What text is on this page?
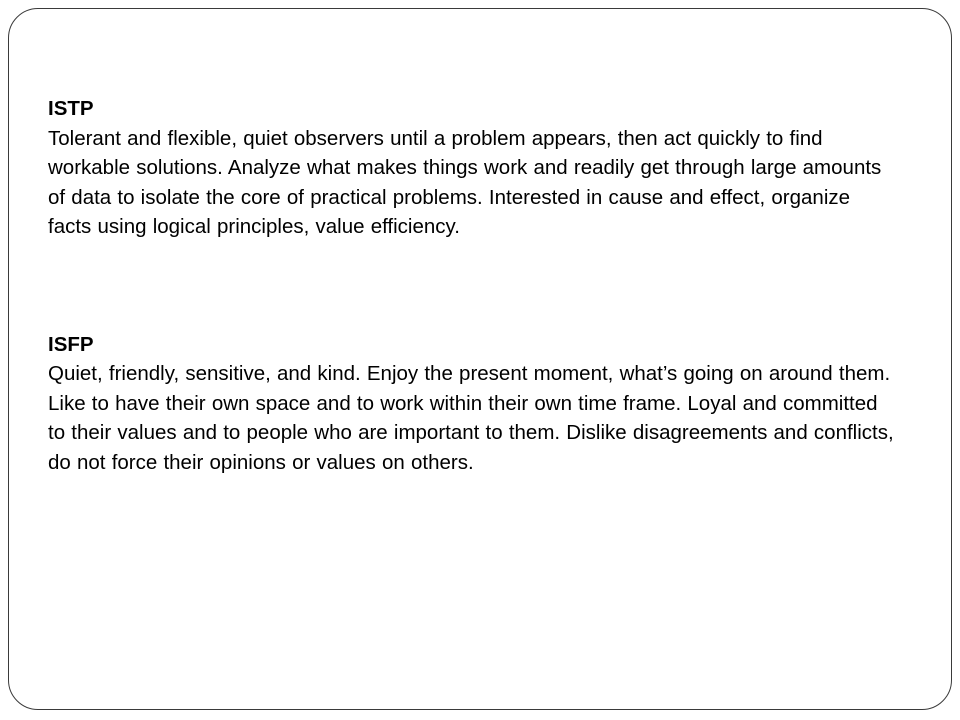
ISTP
Tolerant and flexible, quiet observers until a problem appears, then act quickly to find workable solutions. Analyze what makes things work and readily get through large amounts of data to isolate the core of practical problems. Interested in cause and effect, organize facts using logical principles, value efficiency.
ISFP
Quiet, friendly, sensitive, and kind. Enjoy the present moment, what’s going on around them. Like to have their own space and to work within their own time frame. Loyal and committed to their values and to people who are important to them. Dislike disagreements and conflicts, do not force their opinions or values on others.
